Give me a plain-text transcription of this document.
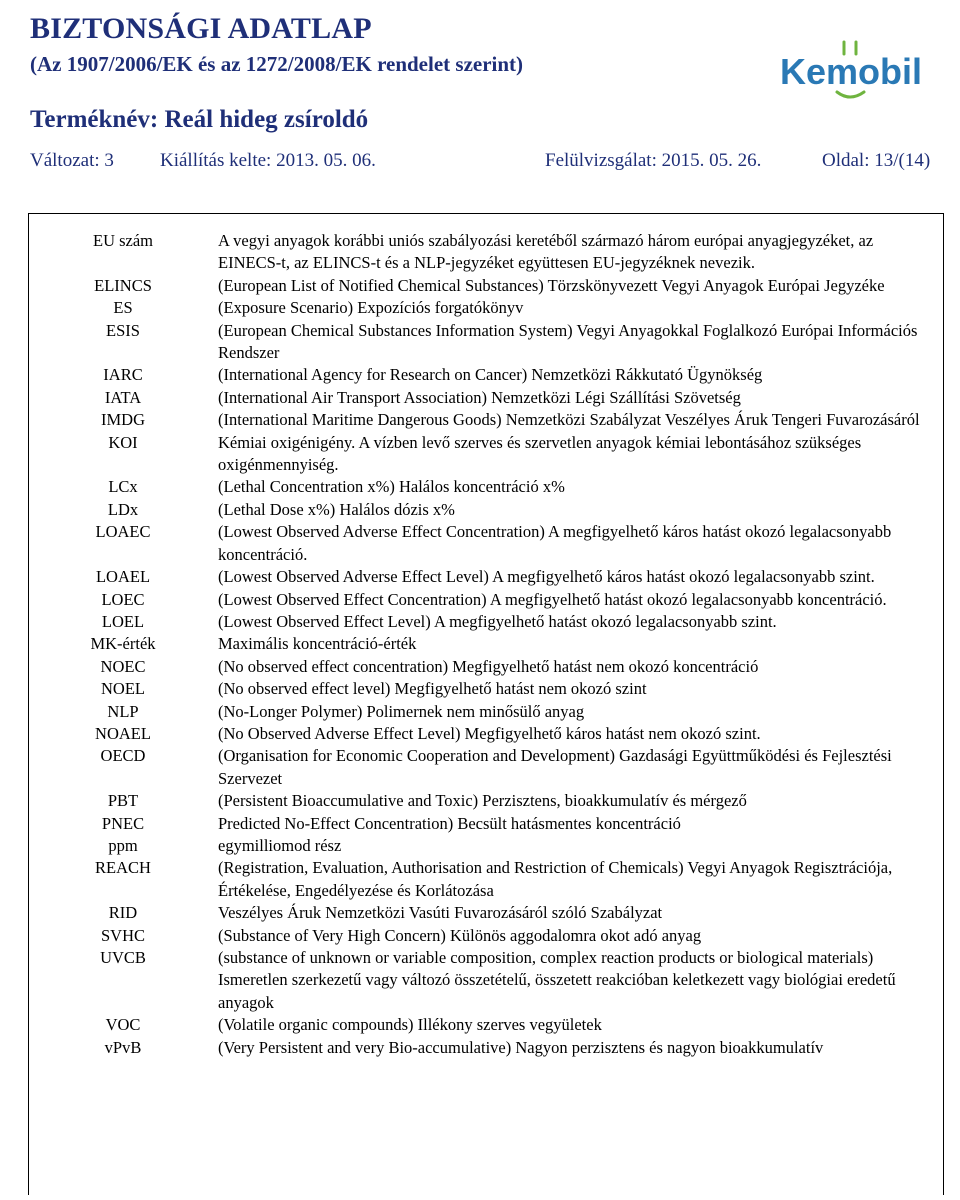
BIZTONSÁGI ADATLAP
(Az 1907/2006/EK és az 1272/2008/EK rendelet szerint)
Terméknév: Reál hideg zsíroldó
Kemobil
Változat: 3 Kiállítás kelte: 2013. 05. 06.	Felülvizsgálat: 2015. 05. 26.	Oldal: 13/(14)
EU szám	A vegyi anyagok korábbi uniós szabályozási keretéből származó három európai anyagjegyzéket, az EINECS-t, az ELINCS-t és a NLP-jegyzéket együttesen EU-jegyzéknek nevezik.
ELINCS	(European List of Notified Chemical Substances) Törzskönyvezett Vegyi Anyagok Európai Jegyzéke
ES	(Exposure Scenario) Expozíciós forgatókönyv
ESIS	(European Chemical Substances Information System) Vegyi Anyagokkal Foglalkozó Európai Információs Rendszer
IARC	(International Agency for Research on Cancer) Nemzetközi Rákkutató Ügynökség
IATA	(International Air Transport Association) Nemzetközi Légi Szállítási Szövetség
IMDG	(International Maritime Dangerous Goods) Nemzetközi Szabályzat Veszélyes Áruk Tengeri Fuvarozásáról
KOI	Kémiai oxigénigény. A vízben levő szerves és szervetlen anyagok kémiai lebontásához szükséges oxigénmennyiség.
LCx	(Lethal Concentration x%) Halálos koncentráció x%
LDx	(Lethal Dose x%) Halálos dózis x%
LOAEC	(Lowest Observed Adverse Effect Concentration) A megfigyelhető káros hatást okozó legalacsonyabb koncentráció.
LOAEL	(Lowest Observed Adverse Effect Level) A megfigyelhető káros hatást okozó legalacsonyabb szint.
LOEC	(Lowest Observed Effect Concentration) A megfigyelhető hatást okozó legalacsonyabb koncentráció.
LOEL	(Lowest Observed Effect Level) A megfigyelhető hatást okozó legalacsonyabb szint.
MK-érték	Maximális koncentráció-érték
NOEC	(No observed effect concentration) Megfigyelhető hatást nem okozó koncentráció
NOEL	(No observed effect level) Megfigyelhető hatást nem okozó szint
NLP	(No-Longer Polymer) Polimernek nem minősülő anyag
NOAEL	(No Observed Adverse Effect Level) Megfigyelhető káros hatást nem okozó szint.
OECD	(Organisation for Economic Cooperation and Development) Gazdasági Együttműködési és Fejlesztési Szervezet
PBT	(Persistent Bioaccumulative and Toxic) Perzisztens, bioakkumulatív és mérgező
PNEC	Predicted No-Effect Concentration) Becsült hatásmentes koncentráció
ppm	egymilliomod rész
REACH	(Registration, Evaluation, Authorisation and Restriction of Chemicals) Vegyi Anyagok Regisztrációja, Értékelése, Engedélyezése és Korlátozása
RID	Veszélyes Áruk Nemzetközi Vasúti Fuvarozásáról szóló Szabályzat
SVHC	(Substance of Very High Concern) Különös aggodalomra okot adó anyag
UVCB	(substance of unknown or variable composition, complex reaction products or biological materials) Ismeretlen szerkezetű vagy változó összetételű, összetett reakcióban keletkezett vagy biológiai eredetű anyagok
VOC	(Volatile organic compounds) Illékony szerves vegyületek
vPvB	(Very Persistent and very Bio-accumulative) Nagyon perzisztens és nagyon bioakkumulatív
